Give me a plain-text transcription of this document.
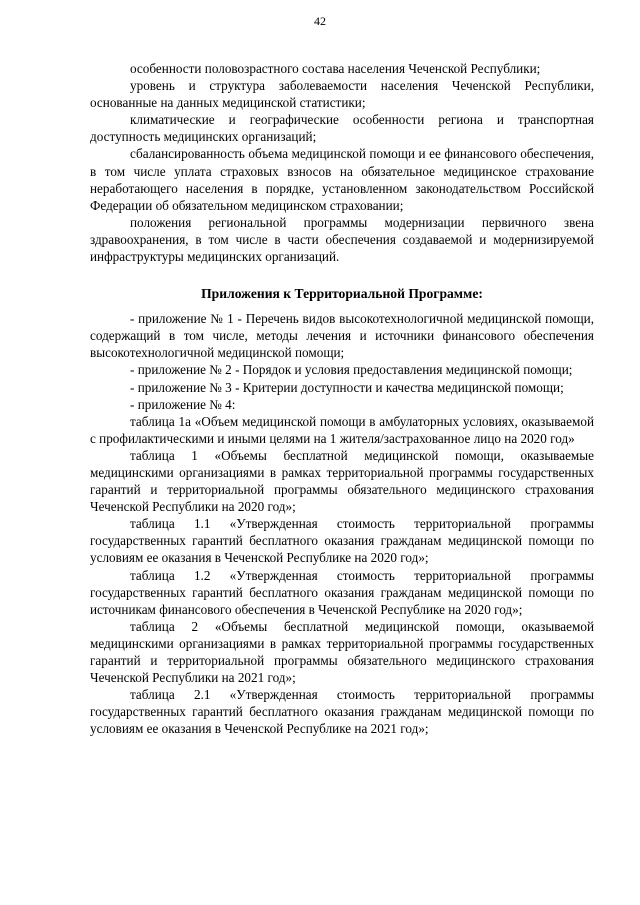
42

особенности половозрастного состава населения Чеченской Республики;

уровень и структура заболеваемости населения Чеченской Республики, основанные на данных медицинской статистики;

климатические и географические особенности региона и транспортная доступность медицинских организаций;

сбалансированность объема медицинской помощи и ее финансового обеспечения, в том числе уплата страховых взносов на обязательное медицинское страхование неработающего населения в порядке, установленном законодательством Российской Федерации об обязательном медицинском страховании;

положения региональной программы модернизации первичного звена здравоохранения, в том числе в части обеспечения создаваемой и модернизируемой инфраструктуры медицинских организаций.

Приложения к Территориальной Программе:

- приложение № 1 - Перечень видов высокотехнологичной медицинской помощи, содержащий в том числе, методы лечения и источники финансового обеспечения высокотехнологичной медицинской помощи;

- приложение № 2 - Порядок и условия предоставления медицинской помощи;

- приложение № 3 - Критерии доступности и качества медицинской помощи;

- приложение № 4:

таблица 1а «Объем медицинской помощи в амбулаторных условиях, оказываемой с профилактическими и иными целями на 1 жителя/застрахованное лицо на 2020 год»

таблица 1 «Объемы бесплатной медицинской помощи, оказываемые медицинскими организациями в рамках территориальной программы государственных гарантий и территориальной программы обязательного медицинского страхования Чеченской Республики на 2020 год»;

таблица 1.1 «Утвержденная стоимость территориальной программы государственных гарантий бесплатного оказания гражданам медицинской помощи по условиям ее оказания в Чеченской Республике на 2020 год»;

таблица 1.2 «Утвержденная стоимость территориальной программы государственных гарантий бесплатного оказания гражданам медицинской помощи по источникам финансового обеспечения в Чеченской Республике на 2020 год»;

таблица 2 «Объемы бесплатной медицинской помощи, оказываемой медицинскими организациями в рамках территориальной программы государственных гарантий и территориальной программы обязательного медицинского страхования Чеченской Республики на 2021 год»;

таблица 2.1 «Утвержденная стоимость территориальной программы государственных гарантий бесплатного оказания гражданам медицинской помощи по условиям ее оказания в Чеченской Республике на 2021 год»;
